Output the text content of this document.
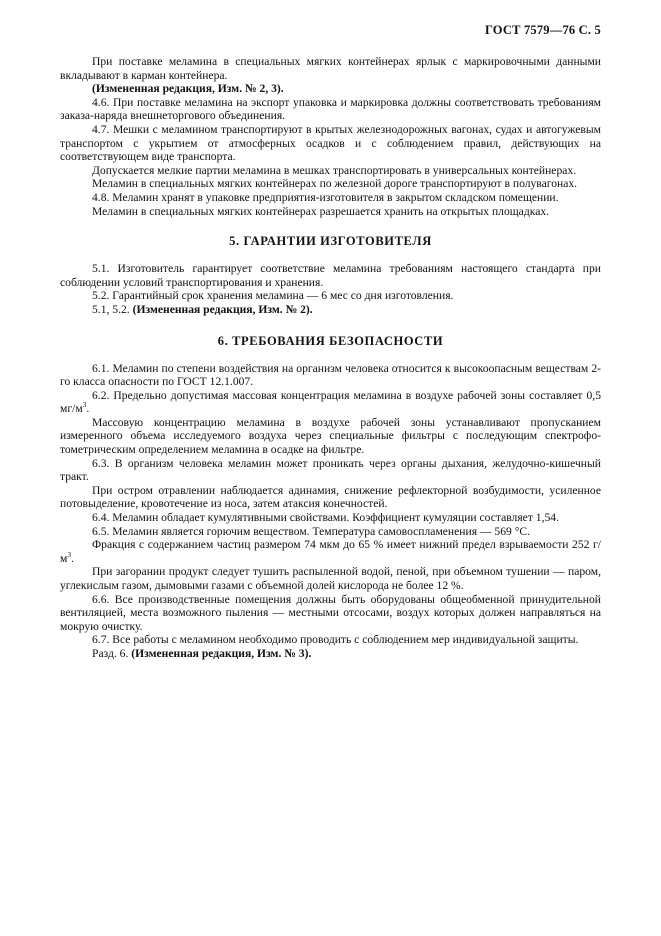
ГОСТ 7579—76 С. 5

При поставке меламина в специальных мягких контейнерах ярлык с маркировочными данными вкладывают в карман контейнера.

(Измененная редакция, Изм. № 2, 3).

4.6. При поставке меламина на экспорт упаковка и маркировка должны соответствовать требованиям заказа-наряда внешнеторгового объединения.

4.7. Мешки с меламином транспортируют в крытых железнодорожных вагонах, судах и автогужевым транспортом с укрытием от атмосферных осадков и с соблюдением правил, действующих на соответствующем виде транспорта.

Допускается мелкие партии меламина в мешках транспортировать в универсальных контейнерах.

Меламин в специальных мягких контейнерах по железной дороге транспортируют в полувагонах.

4.8. Меламин хранят в упаковке предприятия-изготовителя в закрытом складском помещении.

Меламин в специальных мягких контейнерах разрешается хранить на открытых площадках.

5. ГАРАНТИИ ИЗГОТОВИТЕЛЯ

5.1. Изготовитель гарантирует соответствие меламина требованиям настоящего стандарта при соблюдении условий транспортирования и хранения.

5.2. Гарантийный срок хранения меламина — 6 мес со дня изготовления.

5.1, 5.2. (Измененная редакция, Изм. № 2).

6. ТРЕБОВАНИЯ БЕЗОПАСНОСТИ

6.1. Меламин по степени воздействия на организм человека относится к высокоопасным веществам 2-го класса опасности по ГОСТ 12.1.007.

6.2. Предельно допустимая массовая концентрация меламина в воздухе рабочей зоны составляет 0,5 $мг/м^3$.

Массовую концентрацию меламина в воздухе рабочей зоны устанавливают пропусканием измеренного объема исследуемого воздуха через специальные фильтры с последующим спектрофотометрическим определением меламина в осадке на фильтре.

6.3. В организм человека меламин может проникать через органы дыхания, желудочно-кишечный тракт.

При остром отравлении наблюдается адинамия, снижение рефлекторной возбудимости, усиленное потовыделение, кровотечение из носа, затем атаксия конечностей.

6.4. Меламин обладает кумулятивными свойствами. Коэффициент кумуляции составляет 1,54.

6.5. Меламин является горючим веществом. Температура самовоспламенения — 569 °С.

Фракция с содержанием частиц размером 74 мкм до 65 % имеет нижний предел взрываемости 252 $г/м^3$.

При загорании продукт следует тушить распыленной водой, пеной, при объемном тушении — паром, углекислым газом, дымовыми газами с объемной долей кислорода не более 12 %.

6.6. Все производственные помещения должны быть оборудованы общеобменной принудительной вентиляцией, места возможного пыления — местными отсосами, воздух которых должен направляться на мокрую очистку.

6.7. Все работы с меламином необходимо проводить с соблюдением мер индивидуальной защиты.

Разд. 6. (Измененная редакция, Изм. № 3).
